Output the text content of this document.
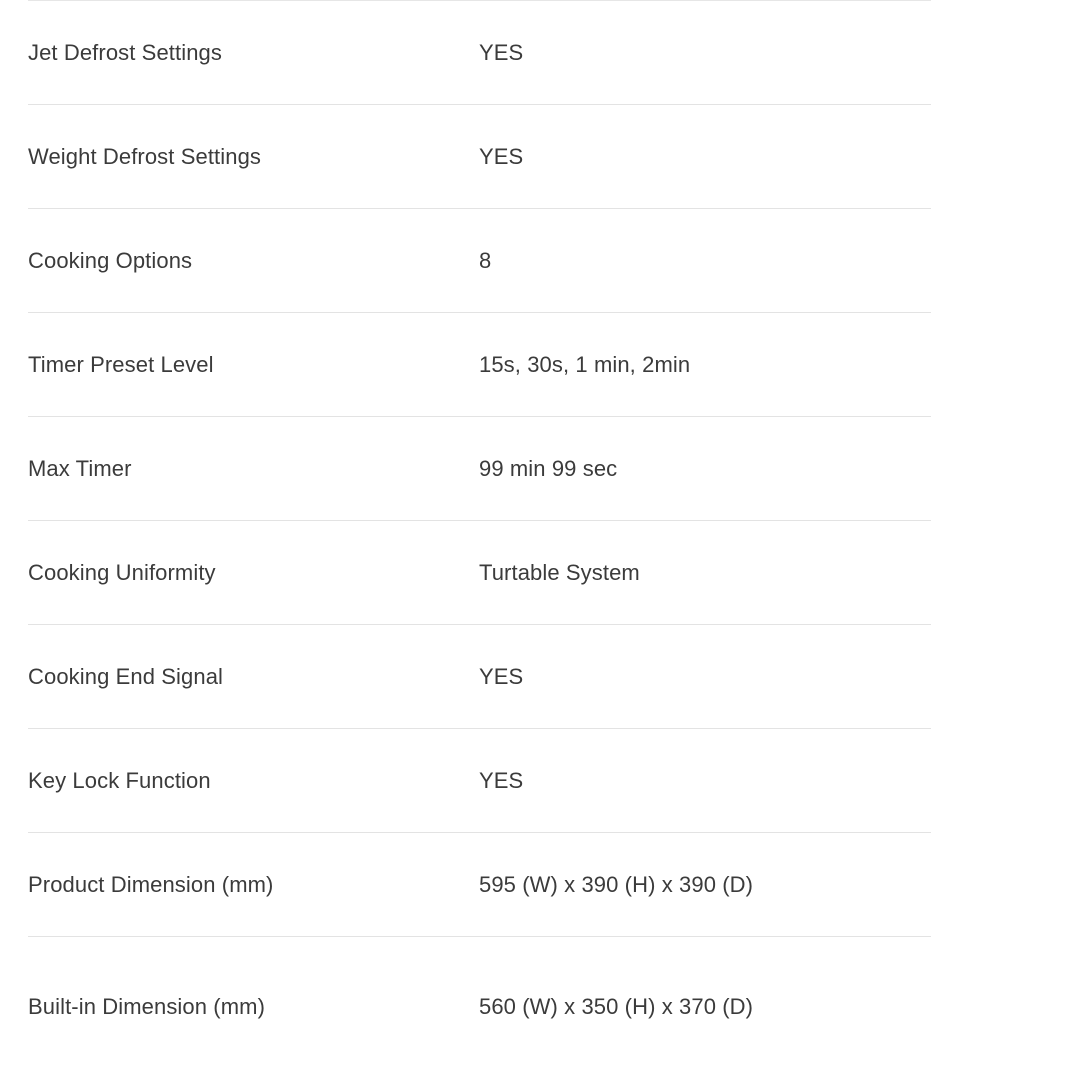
Jet Defrost Settings	YES
Weight Defrost Settings	YES
Cooking Options	8
Timer Preset Level	15s, 30s, 1 min, 2min
Max Timer	99 min 99 sec
Cooking Uniformity	Turtable System
Cooking End Signal	YES
Key Lock Function	YES
Product Dimension (mm)	595 (W) x 390 (H) x 390 (D)
Built-in Dimension (mm)	560 (W) x 350 (H) x 370 (D)
